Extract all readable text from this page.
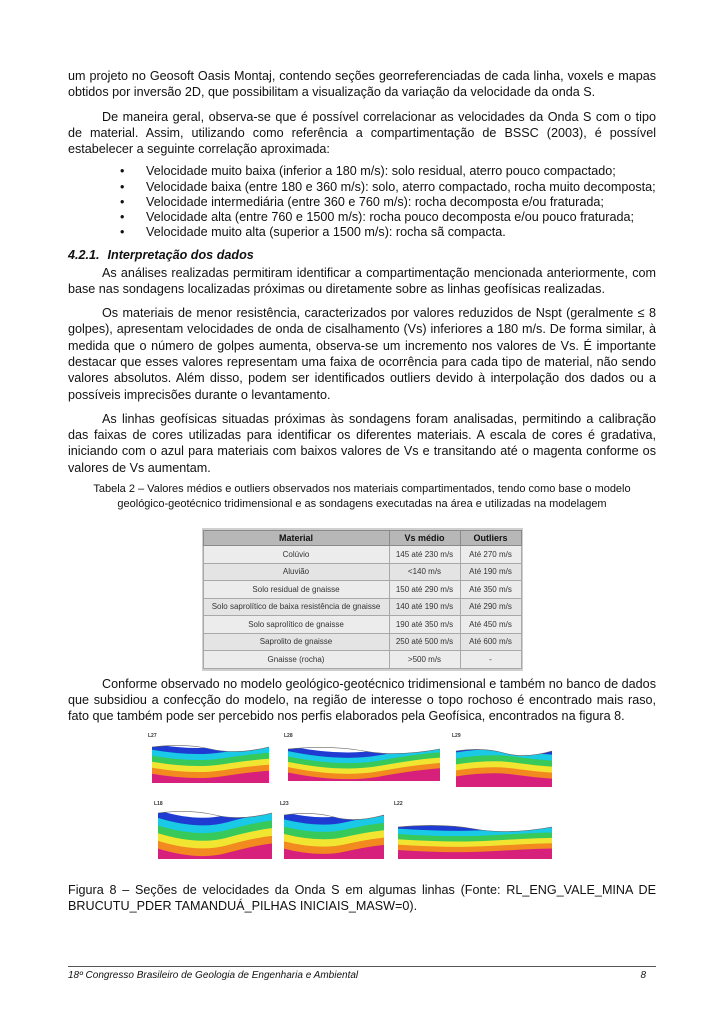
um projeto no Geosoft Oasis Montaj, contendo seções georreferenciadas de cada linha, voxels e mapas obtidos por inversão 2D, que possibilitam a visualização da variação da velocidade da onda S.

De maneira geral, observa-se que é possível correlacionar as velocidades da Onda S com o tipo de material. Assim, utilizando como referência a compartimentação de BSSC (2003), é possível estabelecer a seguinte correlação aproximada:

•	Velocidade muito baixa (inferior a 180 m/s): solo residual, aterro pouco compactado;
•	Velocidade baixa (entre 180 e 360 m/s): solo, aterro compactado, rocha muito decomposta;
•	Velocidade intermediária (entre 360 e 760 m/s): rocha decomposta e/ou fraturada;
•	Velocidade alta (entre 760 e 1500 m/s): rocha pouco decomposta e/ou pouco fraturada;
•	Velocidade muito alta (superior a 1500 m/s): rocha sã compacta.
4.2.1. Interpretação dos dados

As análises realizadas permitiram identificar a compartimentação mencionada anteriormente, com base nas sondagens localizadas próximas ou diretamente sobre as linhas geofísicas realizadas.

Os materiais de menor resistência, caracterizados por valores reduzidos de Nspt (geralmente ≤ 8 golpes), apresentam velocidades de onda de cisalhamento (Vs) inferiores a 180 m/s. De forma similar, à medida que o número de golpes aumenta, observa-se um incremento nos valores de Vs. É importante destacar que esses valores representam uma faixa de ocorrência para cada tipo de material, não sendo valores absolutos. Além disso, podem ser identificados outliers devido à interpolação dos dados ou a possíveis imprecisões durante o levantamento.

As linhas geofísicas situadas próximas às sondagens foram analisadas, permitindo a calibração das faixas de cores utilizadas para identificar os diferentes materiais. A escala de cores é gradativa, iniciando com o azul para materiais com baixos valores de Vs e transitando até o magenta conforme os valores de Vs aumentam.

Tabela 2 – Valores médios e outliers observados nos materiais compartimentados, tendo como base o modelo geológico-geotécnico tridimensional e as sondagens executadas na área e utilizadas na modelagem
Material	Vs médio	Outliers
Colúvio	145 até 230 m/s	Até 270 m/s
Aluvião	<140 m/s	Até 190 m/s
Solo residual de gnaisse	150 até 290 m/s	Até 350 m/s
Solo saprolítico de baixa resistência de gnaisse	140 até 190 m/s	Até 290 m/s
Solo saprolítico de gnaisse	190 até 350 m/s	Até 450 m/s
Saprolito de gnaisse	250 até 500 m/s	Até 600 m/s
Gnaisse (rocha)	>500 m/s	-

Conforme observado no modelo geológico-geotécnico tridimensional e também no banco de dados que subsidiou a confecção do modelo, na região de interesse o topo rochoso é encontrado mais raso, fato que também pode ser percebido nos perfis elaborados pela Geofísica, encontrados na figura 8.

L27	L28	L29
L18	L23	L22

Figura 8 – Seções de velocidades da Onda S em algumas linhas (Fonte: RL_ENG_VALE_MINA DE BRUCUTU_PDER TAMANDUÁ_PILHAS INICIAIS_MASW=0).

18º Congresso Brasileiro de Geologia de Engenharia e Ambiental	8
